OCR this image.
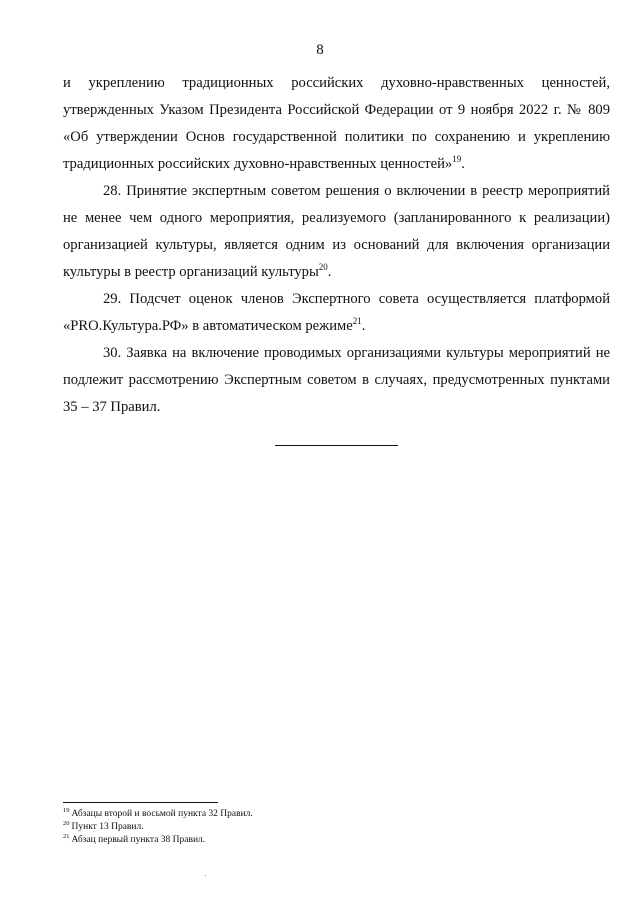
8

и укреплению традиционных российских духовно-нравственных ценностей, утвержденных Указом Президента Российской Федерации от 9 ноября 2022 г. № 809 «Об утверждении Основ государственной политики по сохранению и укреплению традиционных российских духовно-нравственных ценностей»$^{19}$.

28. Принятие экспертным советом решения о включении в реестр мероприятий не менее чем одного мероприятия, реализуемого (запланированного к реализации) организацией культуры, является одним из оснований для включения организации культуры в реестр организаций культуры$^{20}$.

29. Подсчет оценок членов Экспертного совета осуществляется платформой «PRO.Культура.РФ» в автоматическом режиме$^{21}$.

30. Заявка на включение проводимых организациями культуры мероприятий не подлежит рассмотрению Экспертным советом в случаях, предусмотренных пунктами 35 – 37 Правил.

$^{19}$ Абзацы второй и восьмой пункта 32 Правил.
$^{20}$ Пункт 13 Правил.
$^{21}$ Абзац первый пункта 38 Правил.
